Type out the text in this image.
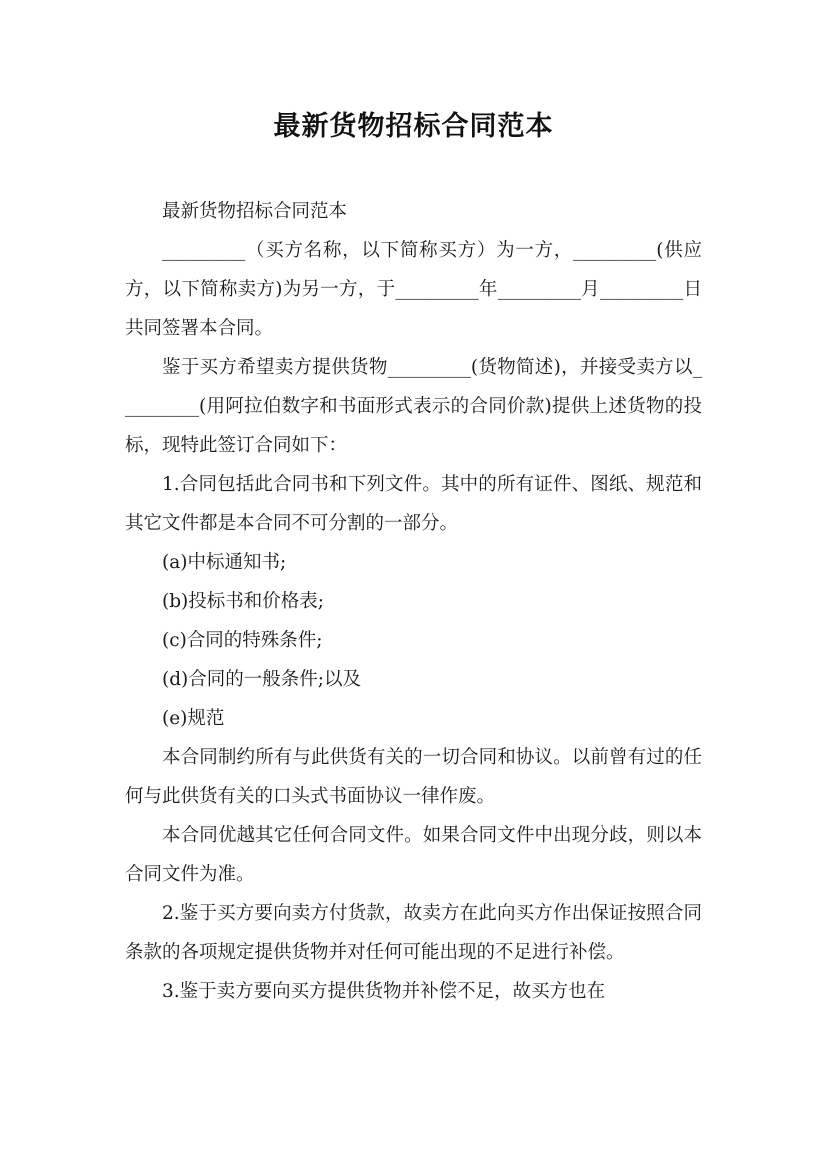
最新货物招标合同范本

最新货物招标合同范本

_________（买方名称，以下简称买方）为一方，_________(供应方，以下简称卖方)为另一方，于_________年_________月_________日共同签署本合同。

鉴于买方希望卖方提供货物_________(货物简述)，并接受卖方以_________(用阿拉伯数字和书面形式表示的合同价款)提供上述货物的投标，现特此签订合同如下：

1.合同包括此合同书和下列文件。其中的所有证件、图纸、规范和其它文件都是本合同不可分割的一部分。

(a)中标通知书;

(b)投标书和价格表;

(c)合同的特殊条件;

(d)合同的一般条件;以及

(e)规范

本合同制约所有与此供货有关的一切合同和协议。以前曾有过的任何与此供货有关的口头式书面协议一律作废。

本合同优越其它任何合同文件。如果合同文件中出现分歧，则以本合同文件为准。

2.鉴于买方要向卖方付货款，故卖方在此向买方作出保证按照合同条款的各项规定提供货物并对任何可能出现的不足进行补偿。

3.鉴于卖方要向买方提供货物并补偿不足，故买方也在
